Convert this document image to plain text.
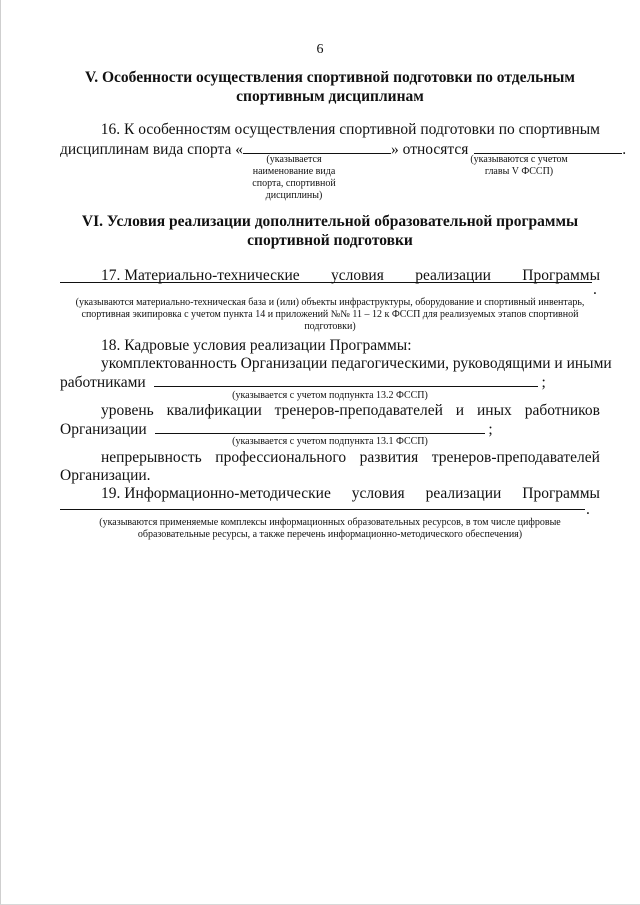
6
V. Особенности осуществления спортивной подготовки по отдельным
спортивным дисциплинам
16. К особенностям осуществления спортивной подготовки по спортивным
дисциплинам вида спорта «	» относятся	.
(указывается наименование вида спорта, спортивной дисциплины)
(указываются с учетом главы V ФССП)
VI. Условия реализации дополнительной образовательной программы
спортивной подготовки
17. Материально-технические условия реализации Программы
.
(указываются материально-техническая база и (или) объекты инфраструктуры, оборудование и спортивный инвентарь, спортивная экипировка с учетом пункта 14 и приложений №№ 11 – 12 к ФССП для реализуемых этапов спортивной подготовки)
18. Кадровые условия реализации Программы:
укомплектованность Организации педагогическими, руководящими и иными
работниками	;
(указывается с учетом подпункта 13.2 ФССП)
уровень квалификации тренеров-преподавателей и иных работников
Организации	;
(указывается с учетом подпункта 13.1 ФССП)
непрерывность профессионального развития тренеров-преподавателей
Организации.
19. Информационно-методические условия реализации Программы
.
(указываются применяемые комплексы информационных образовательных ресурсов, в том числе цифровые образовательные ресурсы, а также перечень информационно-методического обеспечения)
